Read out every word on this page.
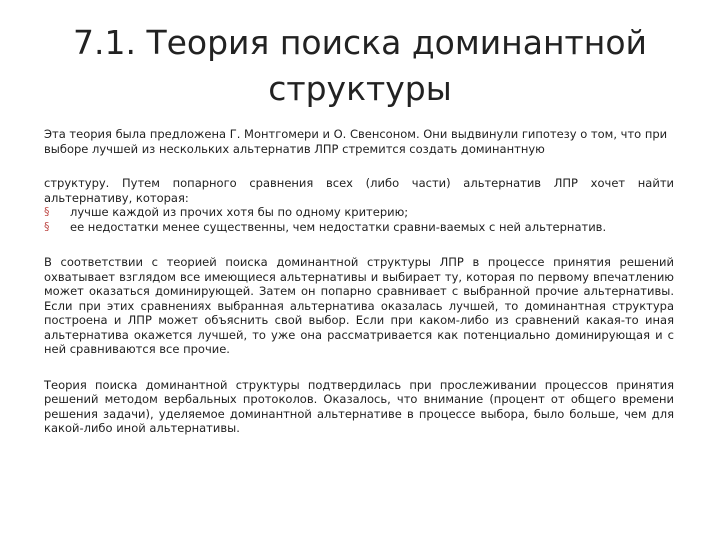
7.1. Теория поиска доминантной структуры

Эта теория была предложена Г. Монтгомери и О. Свенсоном. Они выдвинули гипотезу о том, что при выборе лучшей из нескольких альтернатив ЛПР стремится создать доминантную

структуру. Путем попарного сравнения всех (либо части) альтернатив ЛПР хочет найти альтернативу, которая:

§ лучше каждой из прочих хотя бы по одному критерию;
§ ее недостатки менее существенны, чем недостатки сравни-ваемых с ней альтернатив.

В соответствии с теорией поиска доминантной структуры ЛПР в процессе принятия решений охватывает взглядом все имеющиеся альтернативы и выбирает ту, которая по первому впечатлению может оказаться доминирующей. Затем он попарно сравнивает с выбранной прочие альтернативы. Если при этих сравнениях выбранная альтернатива оказалась лучшей, то доминантная структура построена и ЛПР может объяснить свой выбор. Если при каком-либо из сравнений какая-то иная альтернатива окажется лучшей, то уже она рассматривается как потенциально доминирующая и с ней сравниваются все прочие.

Теория поиска доминантной структуры подтвердилась при прослеживании процессов принятия решений методом вербальных протоколов. Оказалось, что внимание (процент от общего времени решения задачи), уделяемое доминантной альтернативе в процессе выбора, было больше, чем для какой-либо иной альтернативы.
